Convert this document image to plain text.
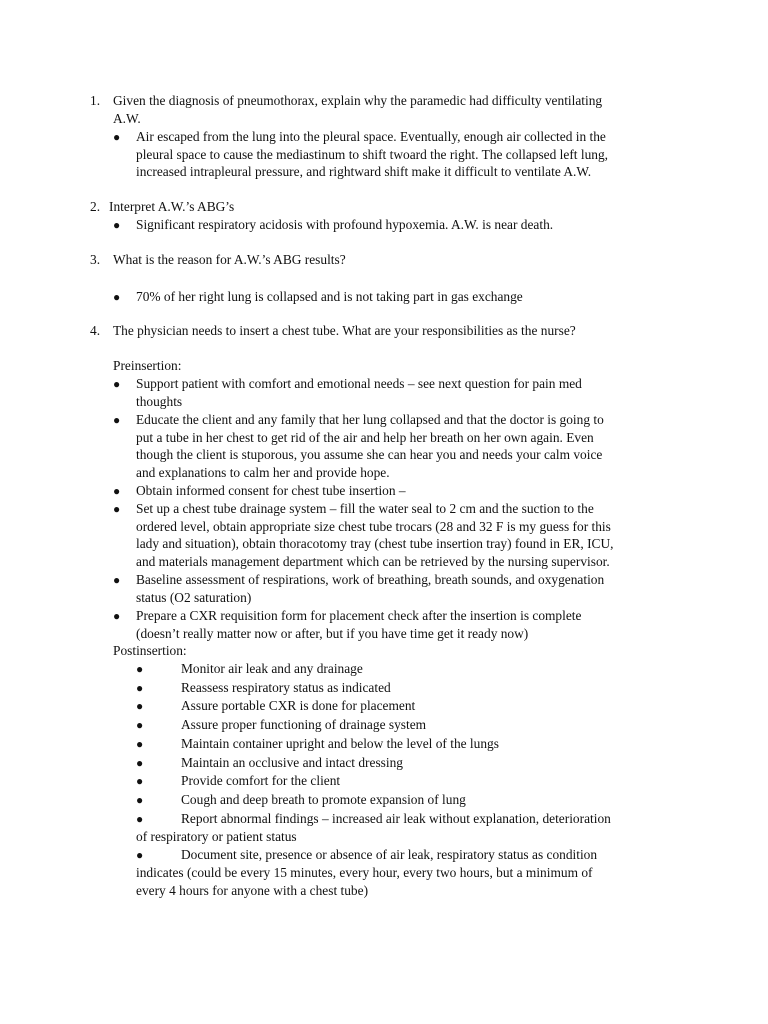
1. Given the diagnosis of pneumothorax, explain why the paramedic had difficulty ventilating
A.W.
● Air escaped from the lung into the pleural space. Eventually, enough air collected in the
pleural space to cause the mediastinum to shift twoard the right. The collapsed left lung,
increased intrapleural pressure, and rightward shift make it difficult to ventilate A.W.
2. Interpret A.W.’s ABG’s
● Significant respiratory acidosis with profound hypoxemia. A.W. is near death.
3. What is the reason for A.W.’s ABG results?
● 70% of her right lung is collapsed and is not taking part in gas exchange
4. The physician needs to insert a chest tube. What are your responsibilities as the nurse?
Preinsertion:
● Support patient with comfort and emotional needs – see next question for pain med
thoughts
● Educate the client and any family that her lung collapsed and that the doctor is going to
put a tube in her chest to get rid of the air and help her breath on her own again. Even
though the client is stuporous, you assume she can hear you and needs your calm voice
and explanations to calm her and provide hope.
● Obtain informed consent for chest tube insertion –
● Set up a chest tube drainage system – fill the water seal to 2 cm and the suction to the
ordered level, obtain appropriate size chest tube trocars (28 and 32 F is my guess for this
lady and situation), obtain thoracotomy tray (chest tube insertion tray) found in ER, ICU,
and materials management department which can be retrieved by the nursing supervisor.
● Baseline assessment of respirations, work of breathing, breath sounds, and oxygenation
status (O2 saturation)
● Prepare a CXR requisition form for placement check after the insertion is complete
(doesn’t really matter now or after, but if you have time get it ready now)
Postinsertion:
●	Monitor air leak and any drainage
●	Reassess respiratory status as indicated
●	Assure portable CXR is done for placement
●	Assure proper functioning of drainage system
●	Maintain container upright and below the level of the lungs
●	Maintain an occlusive and intact dressing
●	Provide comfort for the client
●	Cough and deep breath to promote expansion of lung
●	Report abnormal findings – increased air leak without explanation, deterioration
of respiratory or patient status
●	Document site, presence or absence of air leak, respiratory status as condition
indicates (could be every 15 minutes, every hour, every two hours, but a minimum of
every 4 hours for anyone with a chest tube)
